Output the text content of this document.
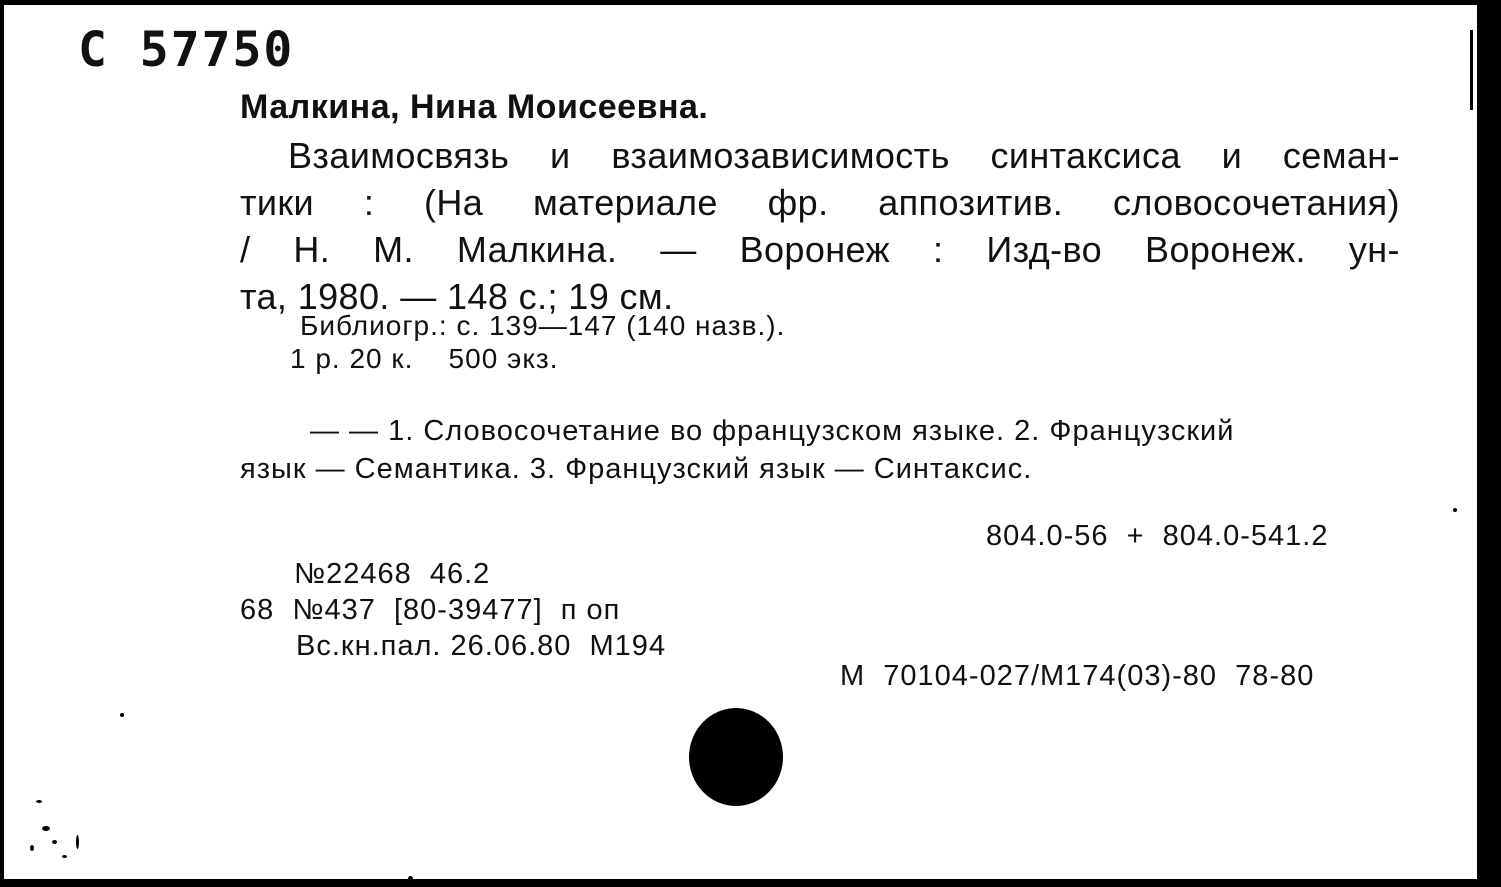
С 57750
Малкина, Нина Моисеевна.
Взаимосвязь и взаимозависимость синтаксиса и семан-
тики : (На материале фр. аппозитив. словосочетания)
/ Н. М. Малкина. — Воронеж : Изд-во Воронеж. ун-
та, 1980. — 148 с.; 19 см.
Библиогр.: с. 139—147 (140 назв.).
1 р. 20 к.    500 экз.
— — 1. Словосочетание во французском языке. 2. Французский
язык — Семантика. 3. Французский язык — Синтаксис.
804.0-56  +  804.0-541.2
№22468  46.2
68  №437  [80-39477]  п оп
Вс.кн.пал. 26.06.80  М194
М  70104-027/М174(03)-80  78-80
